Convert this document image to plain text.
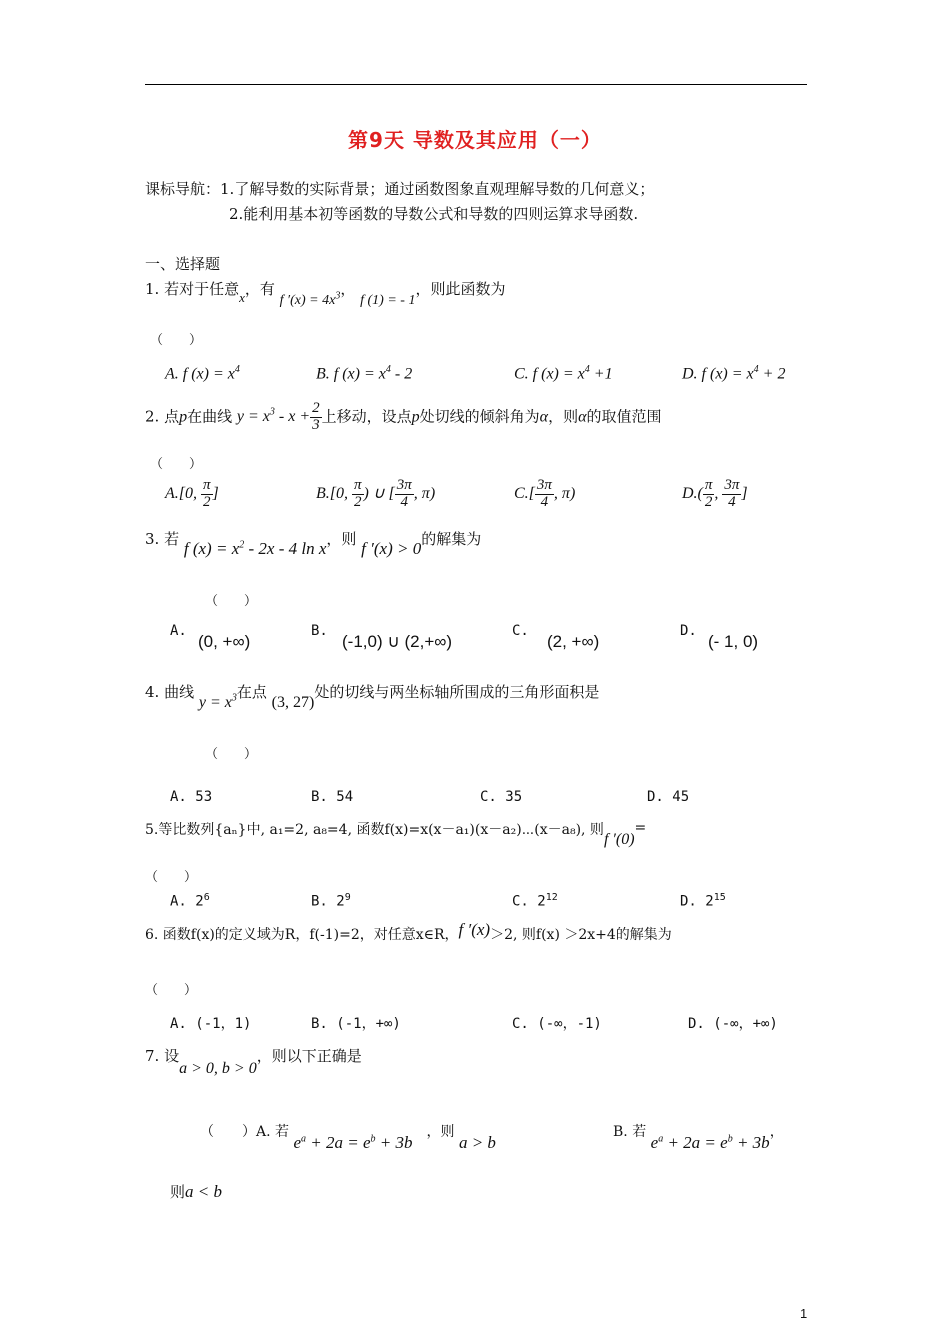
第9天 导数及其应用（一）
课标导航：1.了解导数的实际背景；通过函数图象直观理解导数的几何意义；
2.能利用基本初等函数的导数公式和导数的四则运算求导函数.
一、选择题
1. 若对于任意x，有 f $'(x) = 4x^3$， f (1) = - 1，则此函数为
（　　）
A. f $(x) = x^4$	B. f $(x) = x^4 - 2$	C. f $(x) = x^4 +1$	D. f $(x) = x^4 + 2$
2. 点p在曲线 $y = x^3 - x + \frac{2}{3}$ 上移动，设点p处切线的倾斜角为α，则α的取值范围
（　　）
A.[0, $\frac{\pi}{2}$ ]	B.[0, $\frac{\pi}{2}$ ) ∪ [ $\frac{3\pi}{4}$ , π)	$C.[ \frac{3\pi}{4}$ , π)	$D.( \frac{\pi}{2}$ , $\frac{3\pi}{4}$ ]
3. 若 f $(x) = x^2 - 2x - 4$ ln x，则 f ′(x) > 0的解集为
（　　）
A.
(0, +∞)
B.
(-1,0) ∪ (2,+∞)
C.
(2, +∞)
D.
(- 1, 0)
4. 曲线 $y = x^3$在点 (3, 27)处的切线与两坐标轴所围成的三角形面积是
（　　）
A. 53	B. 54	C. 35	D. 45
5.等比数列{aₙ}中, a₁=2, a₈=4, 函数f(x)=x(x－a₁)(x－a₂)⋯(x－a₈), 则f ′(0)=
（　　）
A. $2^6$	B. $2^9$	C. $2^{12}$	D. $2^{15}$
6. 函数f(x)的定义域为R，f(-1)=2，对任意x∈R，f ′(x)＞2, 则f(x) ＞2x+4的解集为
（　　）
A. (-1，1)	B. (-1，+∞)	C. (-∞，-1)	D. (-∞，+∞)
7. 设a > 0, b > 0，则以下正确是
（　　）A. 若 $e^a + 2a = e^b + 3b$，则 a > b
B. 若 $e^a + 2a = e^b + 3b$，
则a < b
1
